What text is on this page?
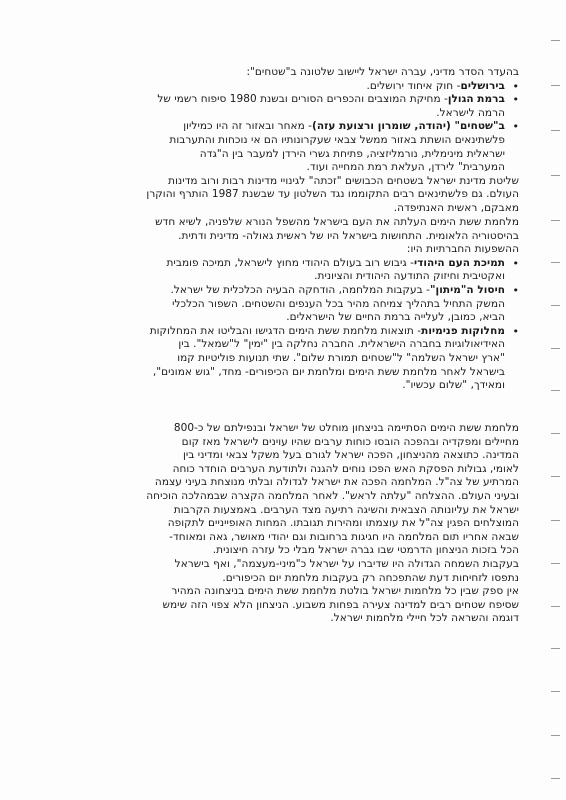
בהעדר הסדר מדיני, עברה ישראל ליישוב שלטונה ב"שטחים":
• בירושלים- חוק איחוד ירושלים.
• ברמת הגולן- מחיקת המוצבים והכפרים הסורים ובשנת 1980 סיפוח רשמי של
הרמה לישראל.
• ב"שטחים" (יהודה, שומרון ורצועת עזה)- מאחר ובאזור זה היו כמיליון
פלשתינאים הושתת באזור ממשל צבאי שעקרונותיו הם אי נוכחות והתערבות
ישראלית מינימלית, נורמליזציה, פתיחת גשרי הירדן למעבר בין ה"גדה
המערבית" לירדן, העלאת רמת המחייה ועוד.
שליטת מדינת ישראל בשטחים הכבושים "זכתה" לגינויי מדינות רבות ורוב מדינות
העולם. גם פלשתינאים רבים התקוממו נגד השלטון עד שבשנת 1987 הותרף והוקרן
מאבקם, ראשית האנתיפדה.
מלחמת ששת הימים העלתה את העם בישראל מהשפל הנורא שלפניה, לשיא חדש
בהיסטוריה הלאומית. התחושות בישראל היו של ראשית גאולה- מדינית ודתית.
ההשפעות החברתיות היו:
• תמיכת העם היהודי- גיבוש רוב בעולם היהודי מחוץ לישראל, תמיכה פומבית
ואקטיבית וחיזוק התודעה היהודית והציונית.
• חיסול ה"מיתון"- בעקבות המלחמה, הודחקה הבעיה הכלכלית של ישראל.
המשק התחיל בתהליך צמיחה מהיר בכל הענפים והשטחים. השפור הכלכלי
הביא, כמובן, לעלייה ברמת החיים של הישראלים.
• מחלוקות פנימיות- תוצאות מלחמת ששת הימים הדגישו והבליטו את המחלוקות
האידיאולוגיות בחברה הישראלית. החברה נחלקה בין "ימין" ל"שמאל". בין
"ארץ ישראל השלמה" ל"שטחים תמורת שלום". שתי תנועות פוליטיות קמו
בישראל לאחר מלחמת ששת הימים ומלחמת יום הכיפורים- מחד, "גוש אמונים",
ומאידך, "שלום עכשיו".
מלחמת ששת הימים הסתיימה בניצחון מוחלט של ישראל ובנפילתם של כ-800
מחיילים ומפקדיה ובהפכה הובסו כוחות ערבים שהיו עוינים לישראל מאז קום
המדינה. כתוצאה מהניצחון, הפכה ישראל לגורם בעל משקל צבאי ומדיני בין
לאומי, גבולות הפסקת האש הפכו נוחים להגנה ולתודעת הערבים הוחדר כוחה
המרתיע של צה"ל. המלחמה הפכה את ישראל לגדולה ובלתי מנוצחת בעיני עצמה
ובעיני העולם. ההצלחה "עלתה לראש". לאחר המלחמה הקצרה שבמהלכה הוכיחה
ישראל את עליונותה הצבאית והשיגה רתיעה מצד הערבים. באמצעות הקרבות
המוצלחים הפגין צה"ל את עוצמתו ומהירות תגובתו. המחות האופייניים לתקופה
שבאה אחריו תום המלחמה היו חגיגות ברחובות וגם יהודי מאושר, גאה ומאוחד-
הכל בזכות הניצחון הדרמטי שבו גברה ישראל מבלי כל עזרה חיצונית.
בעקבות השמחה הגדולה היו שדיברו על ישראל כ"מיני-מעצמה", ואף בישראל
נתפסו לזחיחות דעת שהתפכחה רק בעקבות מלחמת יום הכיפורים.
אין ספק שבין כל מלחמות ישראל בולטת מלחמת ששת הימים בניצחונה המהיר
שסיפח שטחים רבים למדינה צעירה בפחות משבוע. הניצחון הלא צפוי הזה שימש
דוגמה והשראה לכל חיילי מלחמות ישראל.
